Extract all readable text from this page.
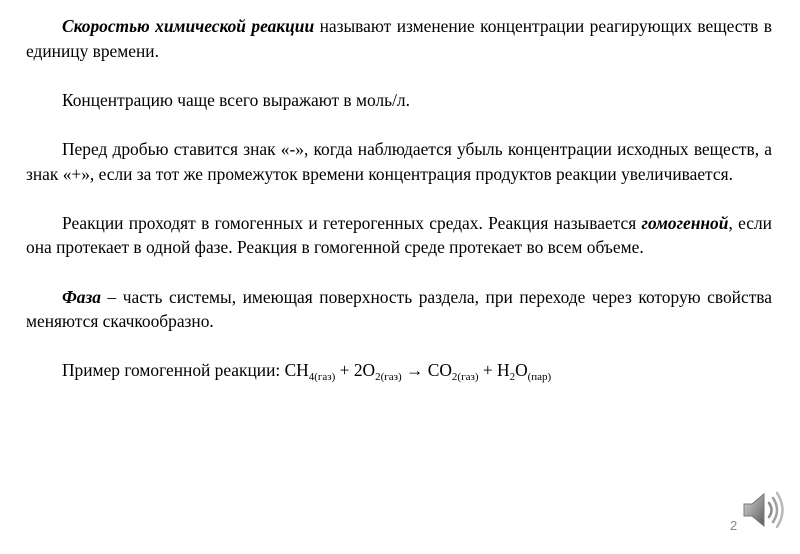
Скоростью химической реакции называют изменение концентрации реагирующих веществ в единицу времени.

Концентрацию чаще всего выражают в моль/л.

Перед дробью ставится знак «-», когда наблюдается убыль концентрации исходных веществ, а знак «+», если за тот же промежуток времени концентрация продуктов реакции увеличивается.

Реакции проходят в гомогенных и гетерогенных средах. Реакция называется гомогенной, если она протекает в одной фазе. Реакция в гомогенной среде протекает во всем объеме.

Фаза – часть системы, имеющая поверхность раздела, при переходе через которую свойства меняются скачкообразно.

Пример гомогенной реакции: $CH_{4(газ)} + 2O_{2(газ)} \to CO_{2(газ)} + H_2O_{(пар)}$

2
